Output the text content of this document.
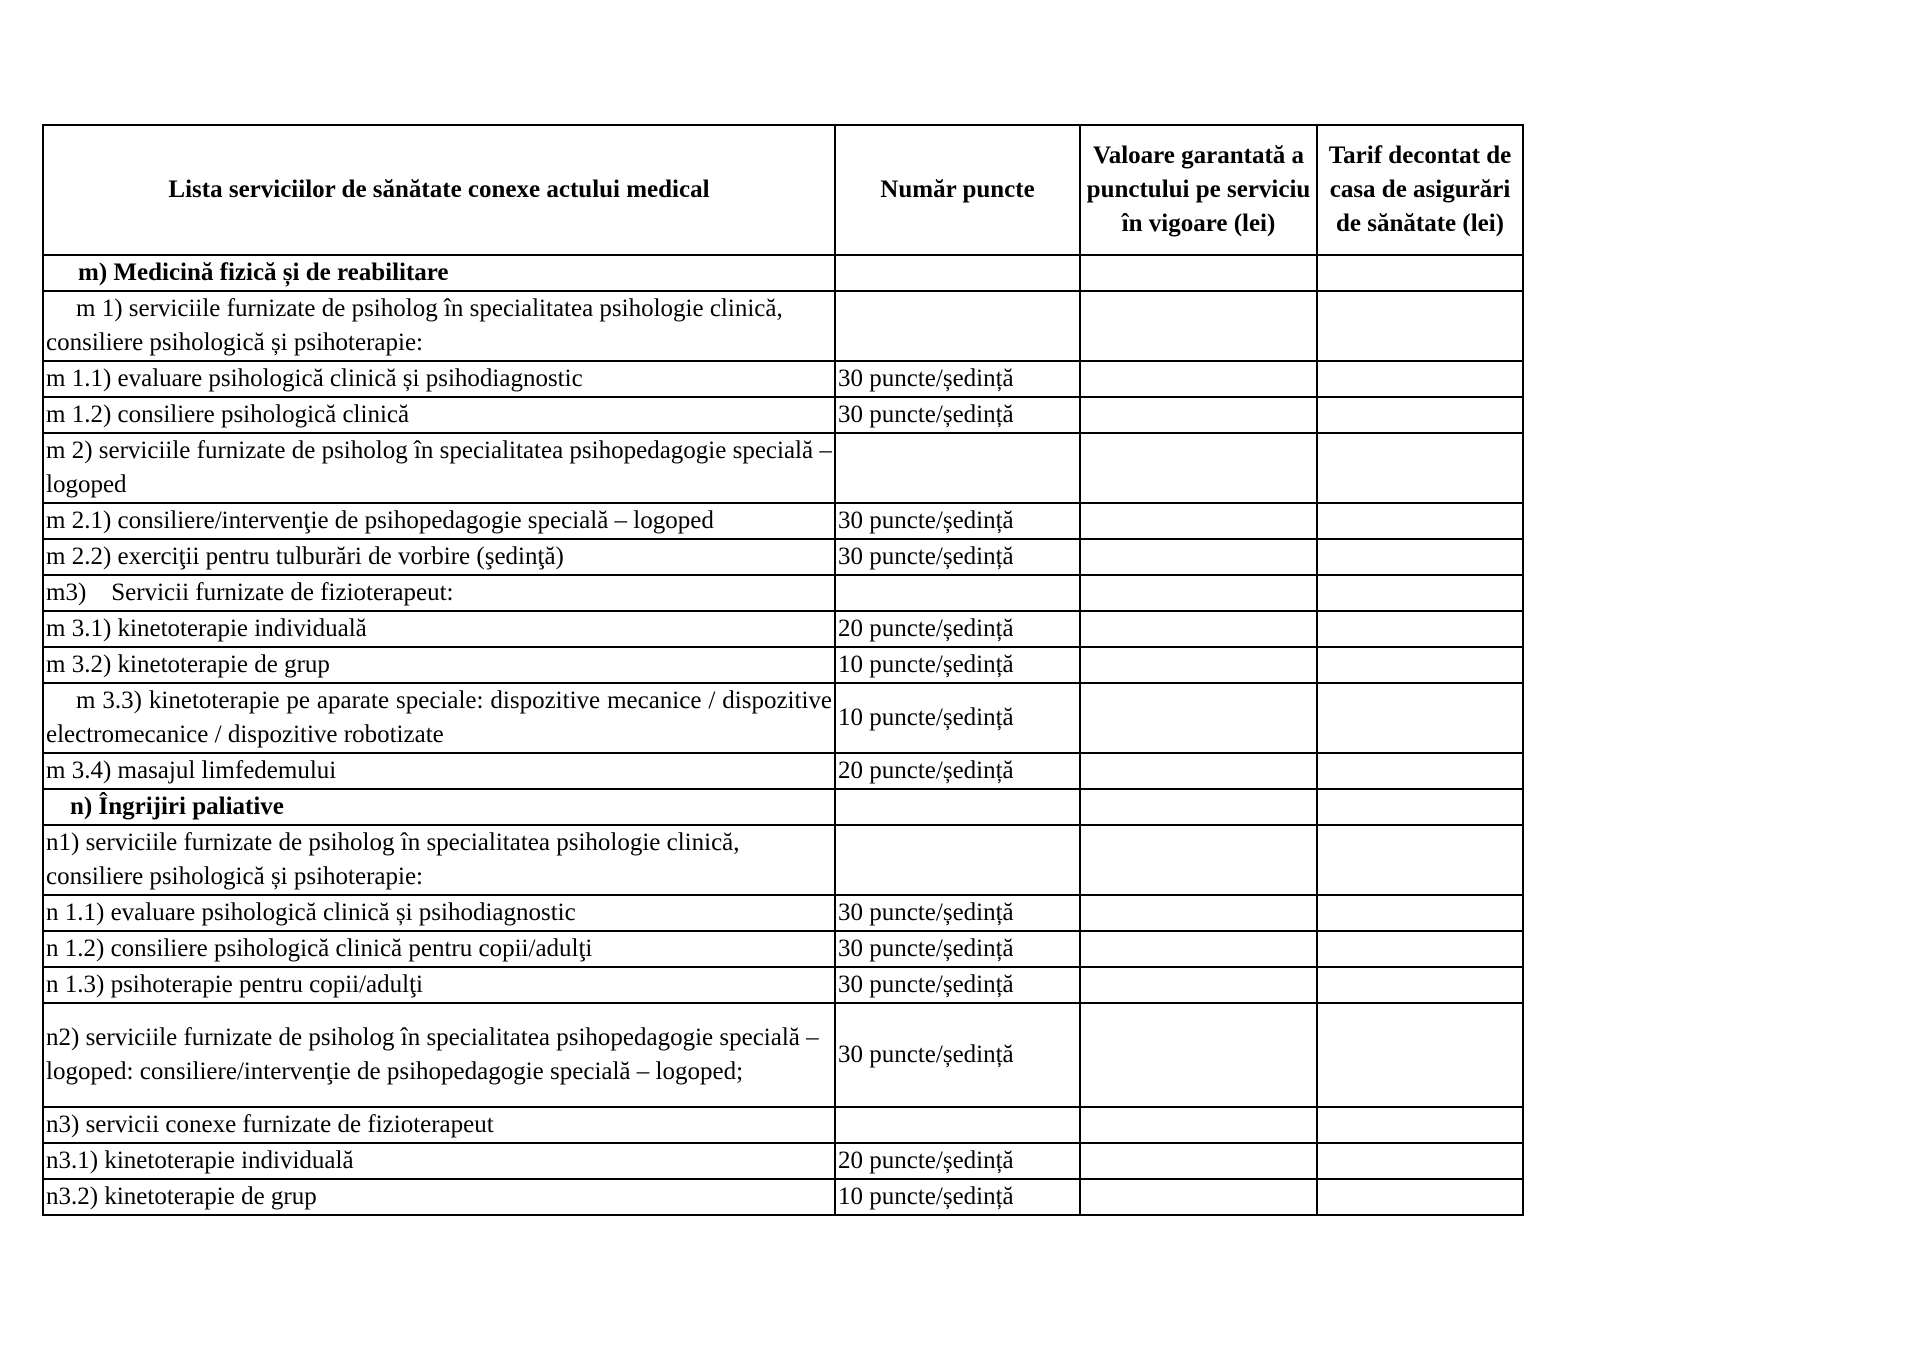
Lista serviciilor de sănătate conexe actului medical	Număr puncte	Valoare garantată a punctului pe serviciu în vigoare (lei)	Tarif decontat de casa de asigurări de sănătate (lei)
m) Medicină fizică și de reabilitare			
m 1) serviciile furnizate de psiholog în specialitatea psihologie clinică, consiliere psihologică și psihoterapie:			
m 1.1) evaluare psihologică clinică și psihodiagnostic	30 puncte/ședință		
m 1.2) consiliere psihologică clinică	30 puncte/ședință		
m 2) serviciile furnizate de psiholog în specialitatea psihopedagogie specială – logoped			
m 2.1) consiliere/intervenţie de psihopedagogie specială – logoped	30 puncte/ședință		
m 2.2) exerciţii pentru tulburări de vorbire (şedinţă)	30 puncte/ședință		
m3)    Servicii furnizate de fizioterapeut:			
m 3.1) kinetoterapie individuală	20 puncte/ședință		
m 3.2) kinetoterapie de grup	10 puncte/ședință		
m 3.3) kinetoterapie pe aparate speciale: dispozitive mecanice / dispozitive electromecanice / dispozitive robotizate	10 puncte/ședință		
m 3.4) masajul limfedemului	20 puncte/ședință		
n) Îngrijiri paliative			
n1) serviciile furnizate de psiholog în specialitatea psihologie clinică, consiliere psihologică și psihoterapie:			
n 1.1) evaluare psihologică clinică și psihodiagnostic	30 puncte/ședință		
n 1.2) consiliere psihologică clinică pentru copii/adulţi	30 puncte/ședință		
n 1.3) psihoterapie pentru copii/adulţi	30 puncte/ședință		
n2) serviciile furnizate de psiholog în specialitatea psihopedagogie specială – logoped: consiliere/intervenţie de psihopedagogie specială – logoped;	30 puncte/ședință		
n3) servicii conexe furnizate de fizioterapeut			
n3.1) kinetoterapie individuală	20 puncte/ședință		
n3.2) kinetoterapie de grup	10 puncte/ședință		
